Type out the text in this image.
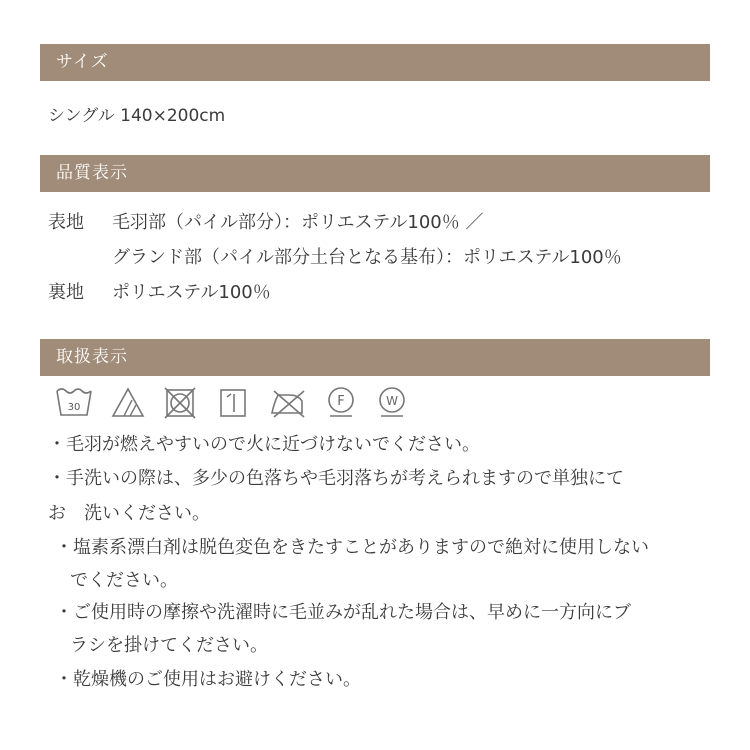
サイズ
シングル 140×200cm
品質表示
表地 毛羽部（パイル部分）：ポリエステル100％ ／
グランド部（パイル部分土台となる基布）：ポリエステル100％
裏地 ポリエステル100％
取扱表示
30	F	W
・毛羽が燃えやすいので火に近づけないでください。
・手洗いの際は、多少の色落ちや毛羽落ちが考えられますので単独にて
お　洗いください。
・塩素系漂白剤は脱色変色をきたすことがありますので絶対に使用しない
でください。
・ご使用時の摩擦や洗濯時に毛並みが乱れた場合は、早めに一方向にブ
ラシを掛けてください。
・乾燥機のご使用はお避けください。
